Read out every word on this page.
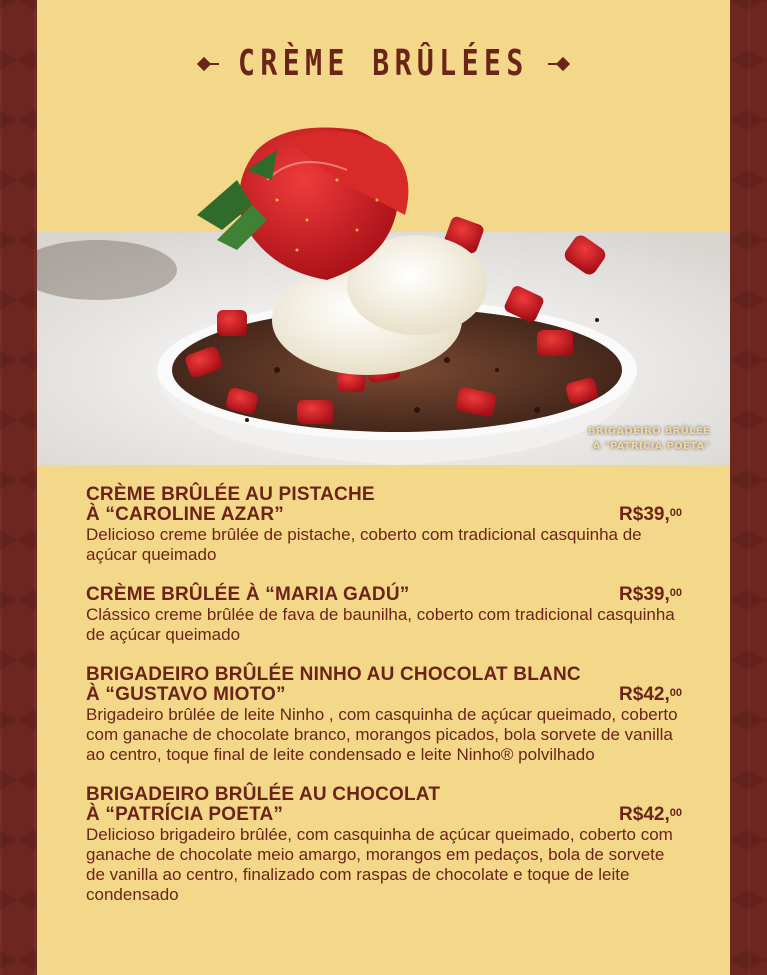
CRÈME BRÛLÉES
BRIGADEIRO BRÛLÉE
À "PATRÍCIA POETA"
CRÈME BRÛLÉE AU PISTACHE
À “CAROLINE AZAR”	R$39,00
Delicioso creme brûlée de pistache, coberto com tradicional casquinha de açúcar queimado
CRÈME BRÛLÉE À “MARIA GADÚ”	R$39,00
Clássico creme brûlée de fava de baunilha, coberto com tradicional casquinha de açúcar queimado
BRIGADEIRO BRÛLÉE NINHO AU CHOCOLAT BLANC
À “GUSTAVO MIOTO”	R$42,00
Brigadeiro brûlée de leite Ninho , com casquinha de açúcar queimado, coberto com ganache de chocolate branco, morangos picados, bola sorvete de vanilla ao centro, toque final de leite condensado e leite Ninho® polvilhado
BRIGADEIRO BRÛLÉE AU CHOCOLAT
À “PATRÍCIA POETA”	R$42,00
Delicioso brigadeiro brûlée, com casquinha de açúcar queimado, coberto com ganache de chocolate meio amargo, morangos em pedaços, bola de sorvete de vanilla ao centro, finalizado com raspas de chocolate e toque de leite condensado
